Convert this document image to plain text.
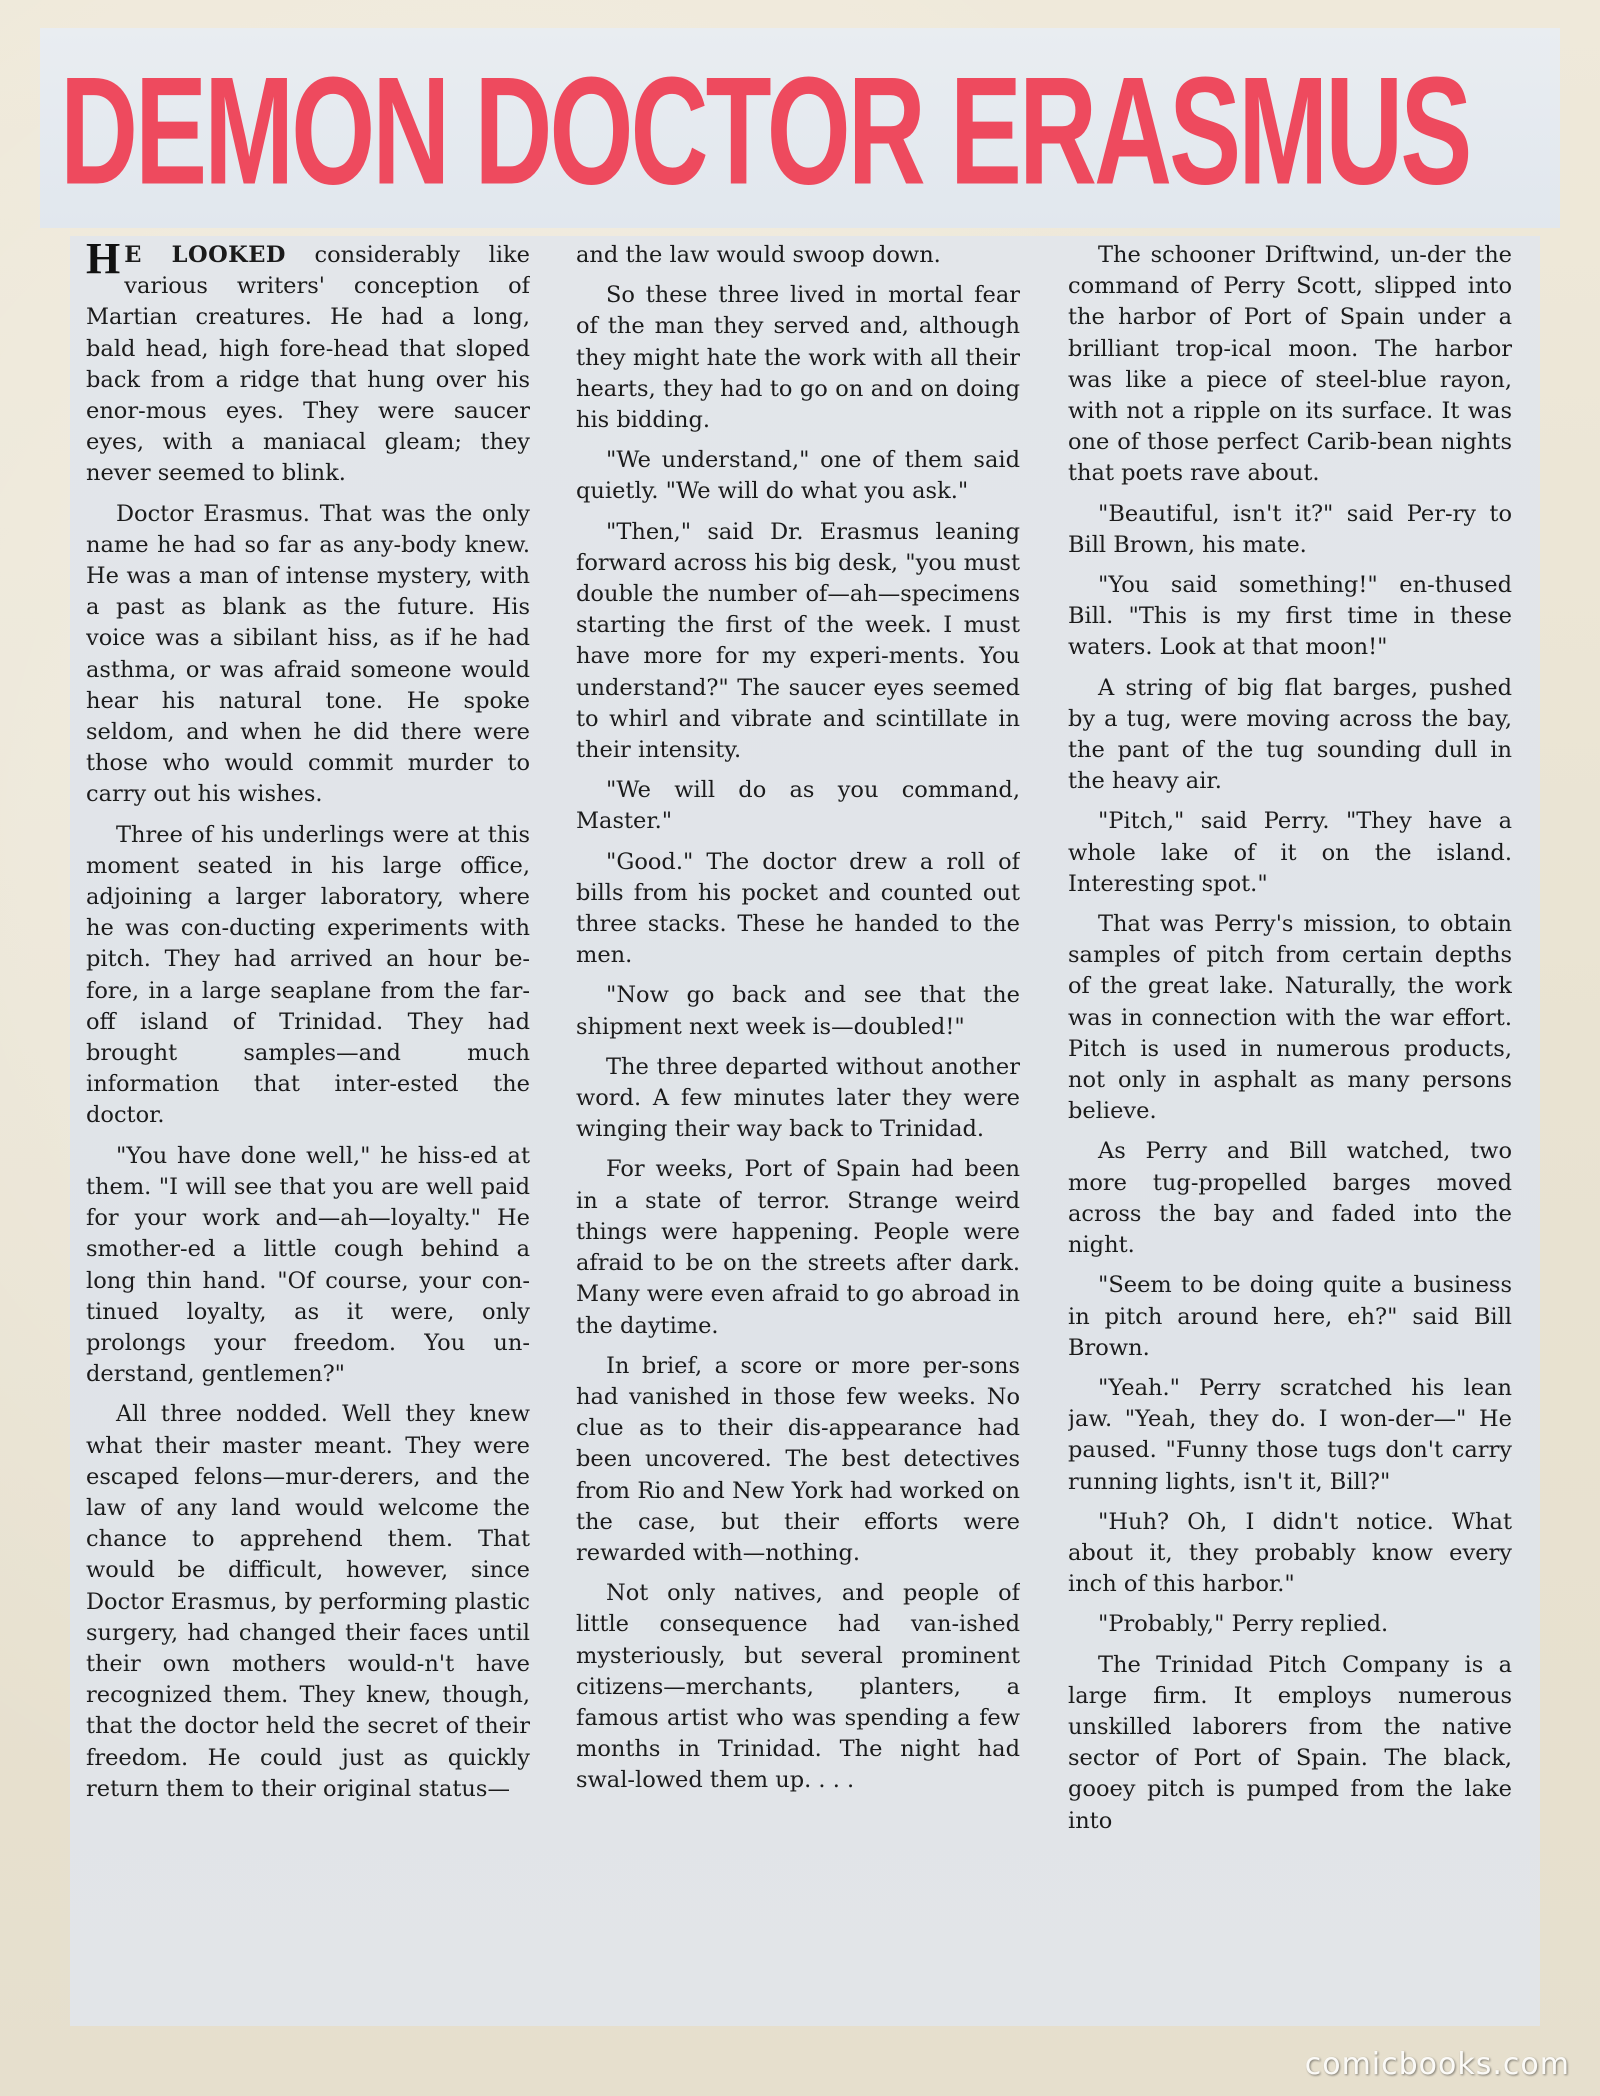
DEMON DOCTOR ERASMUS

H E LOOKED considerably like various writers' conception of Martian creatures. He had a long, bald head, high fore-head that sloped back from a ridge that hung over his enor-mous eyes. They were saucer eyes, with a maniacal gleam; they never seemed to blink.

Doctor Erasmus. That was the only name he had so far as any-body knew. He was a man of intense mystery, with a past as blank as the future. His voice was a sibilant hiss, as if he had asthma, or was afraid someone would hear his natural tone. He spoke seldom, and when he did there were those who would commit murder to carry out his wishes.

Three of his underlings were at this moment seated in his large office, adjoining a larger laboratory, where he was con-ducting experiments with pitch. They had arrived an hour be-fore, in a large seaplane from the far-off island of Trinidad. They had brought samples—and much information that inter-ested the doctor.

"You have done well," he hiss-ed at them. "I will see that you are well paid for your work and—ah—loyalty." He smother-ed a little cough behind a long thin hand. "Of course, your con-tinued loyalty, as it were, only prolongs your freedom. You un-derstand, gentlemen?"

All three nodded. Well they knew what their master meant. They were escaped felons—mur-derers, and the law of any land would welcome the chance to apprehend them. That would be difficult, however, since Doctor Erasmus, by performing plastic surgery, had changed their faces until their own mothers would-n't have recognized them. They knew, though, that the doctor held the secret of their freedom. He could just as quickly return them to their original status—

and the law would swoop down.

So these three lived in mortal fear of the man they served and, although they might hate the work with all their hearts, they had to go on and on doing his bidding.

"We understand," one of them said quietly. "We will do what you ask."

"Then," said Dr. Erasmus leaning forward across his big desk, "you must double the number of—ah—specimens starting the first of the week. I must have more for my experi-ments. You understand?" The saucer eyes seemed to whirl and vibrate and scintillate in their intensity.

"We will do as you command, Master."

"Good." The doctor drew a roll of bills from his pocket and counted out three stacks. These he handed to the men.

"Now go back and see that the shipment next week is—doubled!"

The three departed without another word. A few minutes later they were winging their way back to Trinidad.

For weeks, Port of Spain had been in a state of terror. Strange weird things were happening. People were afraid to be on the streets after dark. Many were even afraid to go abroad in the daytime.

In brief, a score or more per-sons had vanished in those few weeks. No clue as to their dis-appearance had been uncovered. The best detectives from Rio and New York had worked on the case, but their efforts were rewarded with—nothing.

Not only natives, and people of little consequence had van-ished mysteriously, but several prominent citizens—merchants, planters, a famous artist who was spending a few months in Trinidad. The night had swal-lowed them up. . . .

The schooner Driftwind, un-der the command of Perry Scott, slipped into the harbor of Port of Spain under a brilliant trop-ical moon. The harbor was like a piece of steel-blue rayon, with not a ripple on its surface. It was one of those perfect Carib-bean nights that poets rave about.

"Beautiful, isn't it?" said Per-ry to Bill Brown, his mate.

"You said something!" en-thused Bill. "This is my first time in these waters. Look at that moon!"

A string of big flat barges, pushed by a tug, were moving across the bay, the pant of the tug sounding dull in the heavy air.

"Pitch," said Perry. "They have a whole lake of it on the island. Interesting spot."

That was Perry's mission, to obtain samples of pitch from certain depths of the great lake. Naturally, the work was in connection with the war effort. Pitch is used in numerous products, not only in asphalt as many persons believe.

As Perry and Bill watched, two more tug-propelled barges moved across the bay and faded into the night.

"Seem to be doing quite a business in pitch around here, eh?" said Bill Brown.

"Yeah." Perry scratched his lean jaw. "Yeah, they do. I won-der—" He paused. "Funny those tugs don't carry running lights, isn't it, Bill?"

"Huh? Oh, I didn't notice. What about it, they probably know every inch of this harbor."

"Probably," Perry replied.

The Trinidad Pitch Company is a large firm. It employs numerous unskilled laborers from the native sector of Port of Spain. The black, gooey pitch is pumped from the lake into

comicbooks.com
